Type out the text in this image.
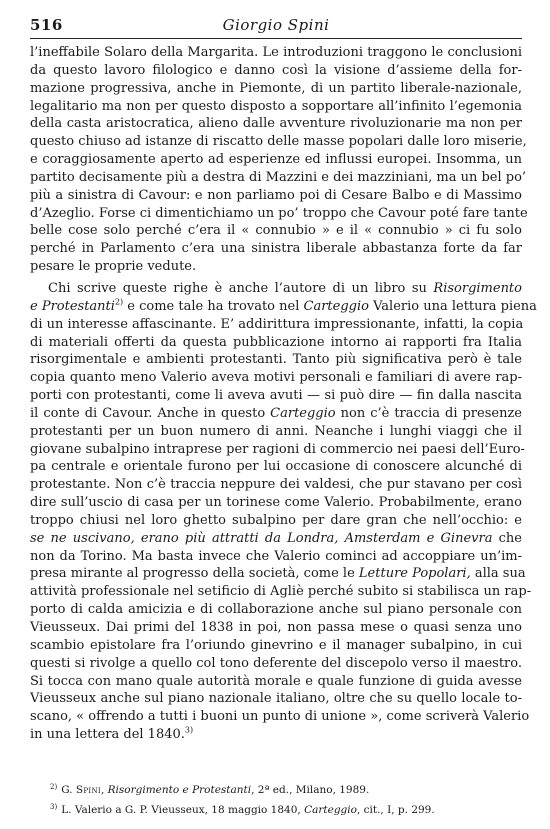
516	Giorgio Spini

l’ineffabile Solaro della Margarita. Le introduzioni traggono le conclusioni
da questo lavoro filologico e danno così la visione d’assieme della for-
mazione progressiva, anche in Piemonte, di un partito liberale-nazionale,
legalitario ma non per questo disposto a sopportare all’infinito l’egemonia
della casta aristocratica, alieno dalle avventure rivoluzionarie ma non per
questo chiuso ad istanze di riscatto delle masse popolari dalle loro miserie,
e coraggiosamente aperto ad esperienze ed influssi europei. Insomma, un
partito decisamente più a destra di Mazzini e dei mazziniani, ma un bel po’
più a sinistra di Cavour: e non parliamo poi di Cesare Balbo e di Massimo
d’Azeglio. Forse ci dimentichiamo un po’ troppo che Cavour poté fare tante
belle cose solo perché c’era il « connubio » e il « connubio » ci fu solo
perché in Parlamento c’era una sinistra liberale abbastanza forte da far
pesare le proprie vedute.

Chi scrive queste righe è anche l’autore di un libro su Risorgimento
e Protestanti$^{2)}$ e come tale ha trovato nel Carteggio Valerio una lettura piena
di un interesse affascinante. E’ addirittura impressionante, infatti, la copia
di materiali offerti da questa pubblicazione intorno ai rapporti fra Italia
risorgimentale e ambienti protestanti. Tanto più significativa però è tale
copia quanto meno Valerio aveva motivi personali e familiari di avere rap-
porti con protestanti, come li aveva avuti — si può dire — fin dalla nascita
il conte di Cavour. Anche in questo Carteggio non c’è traccia di presenze
protestanti per un buon numero di anni. Neanche i lunghi viaggi che il
giovane subalpino intraprese per ragioni di commercio nei paesi dell’Euro-
pa centrale e orientale furono per lui occasione di conoscere alcunché di
protestante. Non c’è traccia neppure dei valdesi, che pur stavano per così
dire sull’uscio di casa per un torinese come Valerio. Probabilmente, erano
troppo chiusi nel loro ghetto subalpino per dare gran che nell’occhio: e
se ne uscivano, erano più attratti da Londra, Amsterdam e Ginevra che
non da Torino. Ma basta invece che Valerio cominci ad accoppiare un’im-
presa mirante al progresso della società, come le Letture Popolari, alla sua
attività professionale nel setificio di Agliè perché subito si stabilisca un rap-
porto di calda amicizia e di collaborazione anche sul piano personale con
Vieusseux. Dai primi del 1838 in poi, non passa mese o quasi senza uno
scambio epistolare fra l’oriundo ginevrino e il manager subalpino, in cui
questi si rivolge a quello col tono deferente del discepolo verso il maestro.
Si tocca con mano quale autorità morale e quale funzione di guida avesse
Vieusseux anche sul piano nazionale italiano, oltre che su quello locale to-
scano, « offrendo a tutti i buoni un punto di unione », come scriverà Valerio
in una lettera del 1840.$^{3)}$

$^{2)}$ G. Spini, Risorgimento e Protestanti, 2ª ed., Milano, 1989.
$^{3)}$ L. Valerio a G. P. Vieusseux, 18 maggio 1840, Carteggio, cit., I, p. 299.
